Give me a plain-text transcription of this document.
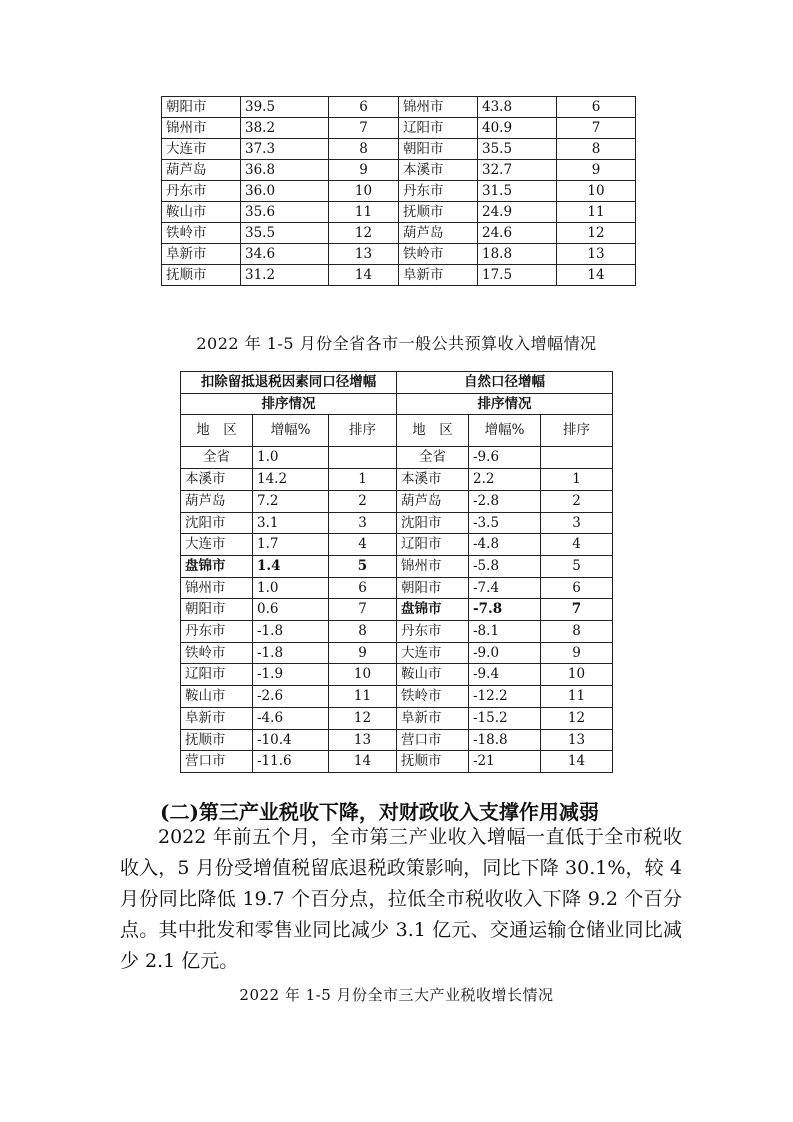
朝阳市	39.5	6	锦州市	43.8	6
锦州市	38.2	7	辽阳市	40.9	7
大连市	37.3	8	朝阳市	35.5	8
葫芦岛	36.8	9	本溪市	32.7	9
丹东市	36.0	10	丹东市	31.5	10
鞍山市	35.6	11	抚顺市	24.9	11
铁岭市	35.5	12	葫芦岛	24.6	12
阜新市	34.6	13	铁岭市	18.8	13
抚顺市	31.2	14	阜新市	17.5	14
2022 年 1-5 月份全省各市一般公共预算收入增幅情况
扣除留抵退税因素同口径增幅			自然口径增幅		
排序情况			排序情况		
地　区	增幅%	排序	地　区	增幅%	排序
全省	1.0		全省	-9.6	
本溪市	14.2	1	本溪市	2.2	1
葫芦岛	7.2	2	葫芦岛	-2.8	2
沈阳市	3.1	3	沈阳市	-3.5	3
大连市	1.7	4	辽阳市	-4.8	4
盘锦市	1.4	5	锦州市	-5.8	5
锦州市	1.0	6	朝阳市	-7.4	6
朝阳市	0.6	7	盘锦市	-7.8	7
丹东市	-1.8	8	丹东市	-8.1	8
铁岭市	-1.8	9	大连市	-9.0	9
辽阳市	-1.9	10	鞍山市	-9.4	10
鞍山市	-2.6	11	铁岭市	-12.2	11
阜新市	-4.6	12	阜新市	-15.2	12
抚顺市	-10.4	13	营口市	-18.8	13
营口市	-11.6	14	抚顺市	-21	14
(二)第三产业税收下降，对财政收入支撑作用减弱

2022 年前五个月，全市第三产业收入增幅一直低于全市税收收入，5 月份受增值税留底退税政策影响，同比下降 30.1%，较 4 月份同比降低 19.7 个百分点，拉低全市税收收入下降 9.2 个百分点。其中批发和零售业同比减少 3.1 亿元、交通运输仓储业同比减少 2.1 亿元。

2022 年 1-5 月份全市三大产业税收增长情况
